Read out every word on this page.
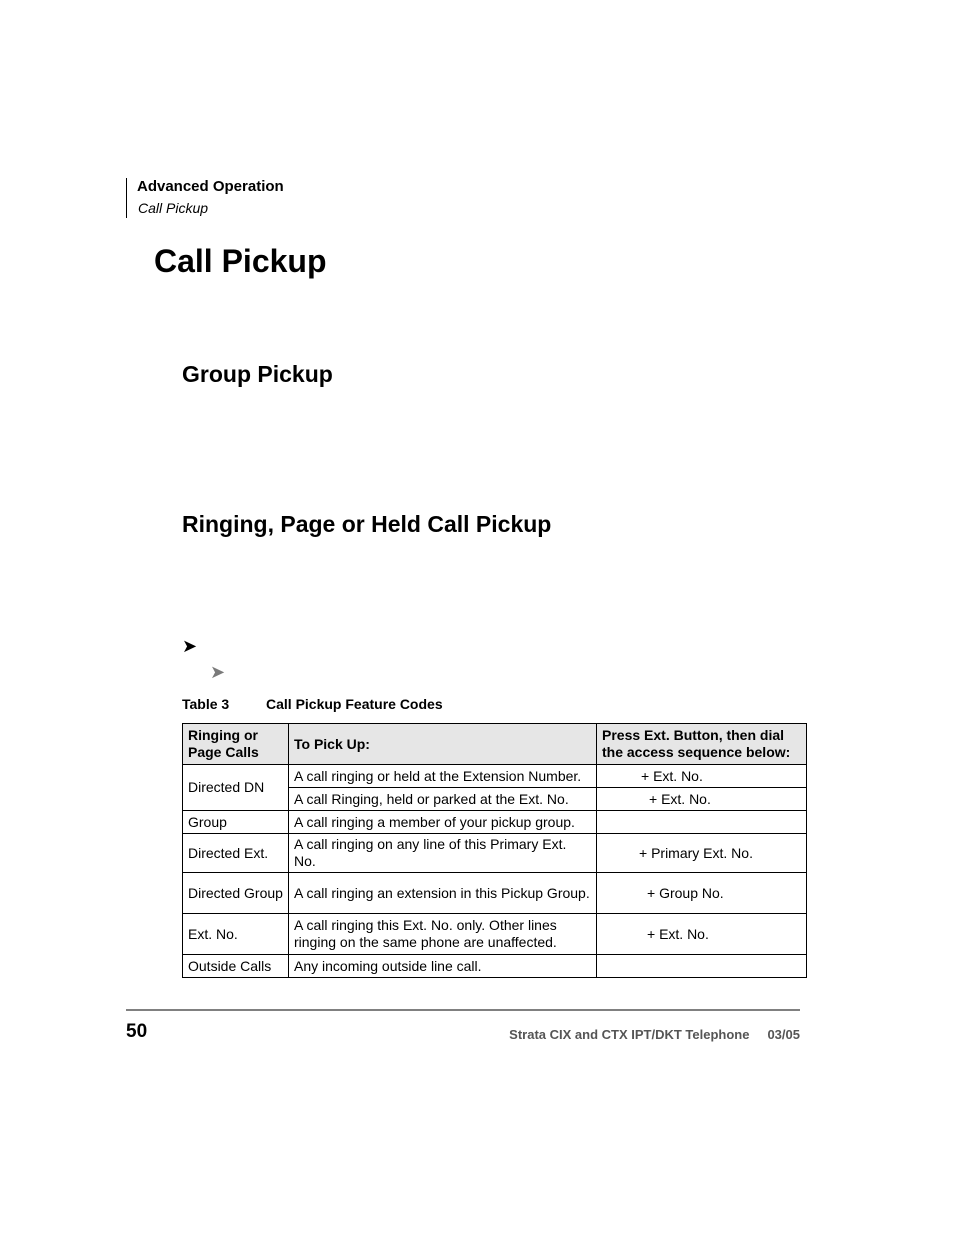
Advanced Operation
Call Pickup
Call Pickup
Group Pickup
Ringing, Page or Held Call Pickup
➤
➤
Table 3	Call Pickup Feature Codes
Ringing or Page Calls	To Pick Up:	Press Ext. Button, then dial the access sequence below:
Directed DN	A call ringing or held at the Extension Number.	+ Ext. No.
	A call Ringing, held or parked at the Ext. No.	+ Ext. No.
Group	A call ringing a member of your pickup group.	
Directed Ext.	A call ringing on any line of this Primary Ext. No.	+ Primary Ext. No.
Directed Group	A call ringing an extension in this Pickup Group.	+ Group No.
Ext. No.	A call ringing this Ext. No. only. Other lines ringing on the same phone are unaffected.	+ Ext. No.
Outside Calls	Any incoming outside line call.	
50	Strata CIX and CTX IPT/DKT Telephone 03/05
